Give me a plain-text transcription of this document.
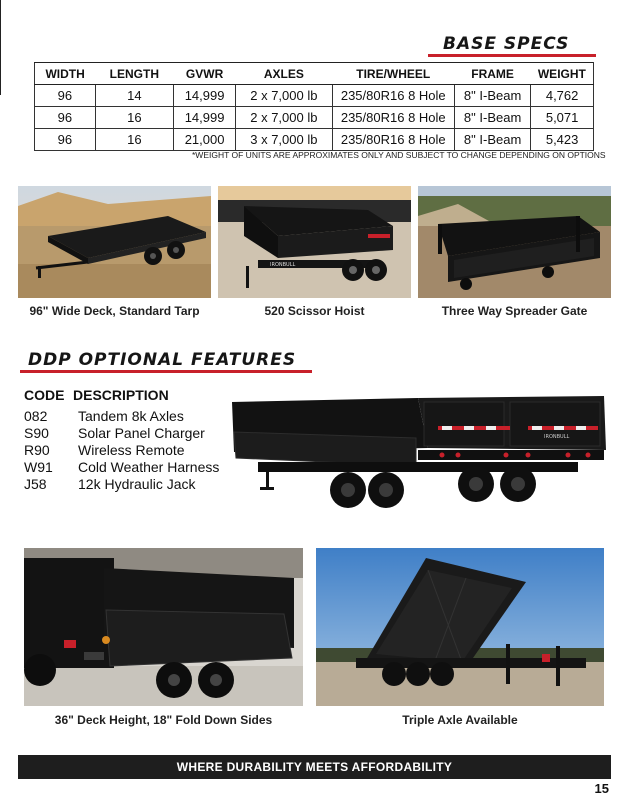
BASE SPECS
WIDTH	LENGTH	GVWR	AXLES	TIRE/WHEEL	FRAME	WEIGHT
96	14	14,999	2 x 7,000 lb	235/80R16 8 Hole	8" I-Beam	4,762
96	16	14,999	2 x 7,000 lb	235/80R16 8 Hole	8" I-Beam	5,071
96	16	21,000	3 x 7,000 lb	235/80R16 8 Hole	8" I-Beam	5,423
*WEIGHT OF UNITS ARE APPROXIMATES ONLY AND SUBJECT TO CHANGE DEPENDING ON OPTIONS
96" Wide Deck, Standard Tarp
IRONBULL
520 Scissor Hoist	Three Way Spreader Gate
DDP OPTIONAL FEATURES
CODE DESCRIPTION
082 Tandem 8k Axles
S90 Solar Panel Charger
R90 Wireless Remote
W91 Cold Weather Harness
J58 12k Hydraulic Jack
IRONBULL
36" Deck Height, 18" Fold Down Sides	Triple Axle Available
WHERE DURABILITY MEETS AFFORDABILITY
15
